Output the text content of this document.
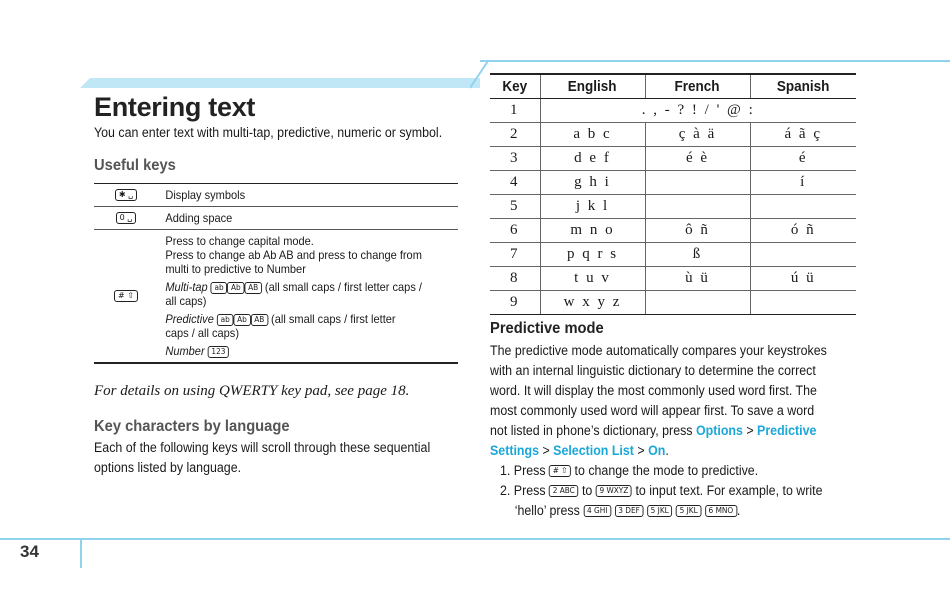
Entering text
You can enter text with multi-tap, predictive, numeric or symbol.
Useful keys
✱ ␣	Display symbols
0 ␣	Adding space
# ⇧

Press to change capital mode.
Press to change ab Ab AB and press to change from
multi to predictive to Number

Multi-tap ab Ab AB (all small caps / first letter caps /
all caps)

Predictive ab Ab AB (all small caps / first letter
caps / all caps)

Number 123

For details on using QWERTY key pad, see page 18.
Key characters by language
Each of the following keys will scroll through these sequential
options listed by language.
Key	English	French	Spanish
1	. , - ? ! / ' @ :		
2	a b c	ç à ä	á ã ç
3	d e f	é è	é
4	g h i		í
5	j k l		
6	m n o	ô ñ	ó ñ
7	p q r s	ß	
8	t u v	ù ü	ú ü
9	w x y z		
Predictive mode
The predictive mode automatically compares your keystrokes
with an internal linguistic dictionary to determine the correct
word. It will display the most commonly used word first. The
most commonly used word will appear first. To save a word
not listed in phone’s dictionary, press Options > Predictive
Settings > Selection List > On.
1. Press # ⇧ to change the mode to predictive.
2. Press 2 ABC to 9 WXYZ to input text. For example, to write
‘hello’ press 4 GHI 3 DEF 5 JKL 5 JKL 6 MNO .
34
